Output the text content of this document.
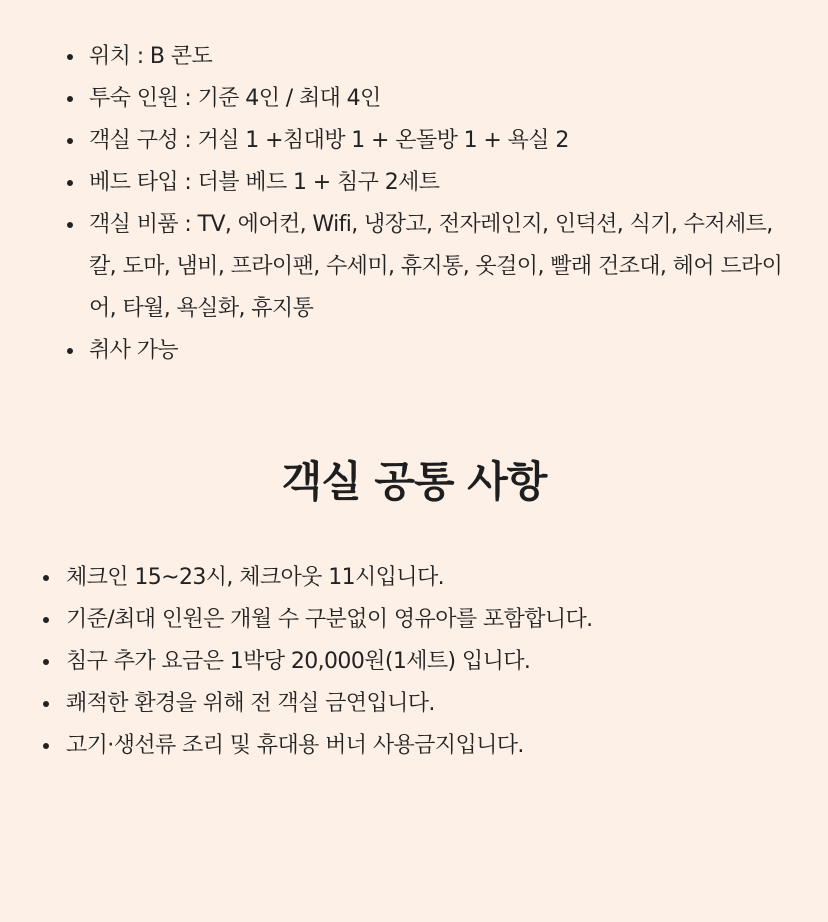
위치 : B 콘도
투숙 인원 : 기준 4인 / 최대 4인
객실 구성 : 거실 1 +침대방 1 + 온돌방 1 + 욕실 2
베드 타입 : 더블 베드 1 + 침구 2세트
객실 비품 : TV, 에어컨, Wifi, 냉장고, 전자레인지, 인덕션, 식기, 수저세트, 칼, 도마, 냄비, 프라이팬, 수세미, 휴지통, 옷걸이, 빨래 건조대, 헤어 드라이어, 타월, 욕실화, 휴지통
취사 가능
객실 공통 사항
체크인 15~23시, 체크아웃 11시입니다.
기준/최대 인원은 개월 수 구분없이 영유아를 포함합니다.
침구 추가 요금은 1박당 20,000원(1세트) 입니다.
쾌적한 환경을 위해 전 객실 금연입니다.
고기·생선류 조리 및 휴대용 버너 사용금지입니다.
